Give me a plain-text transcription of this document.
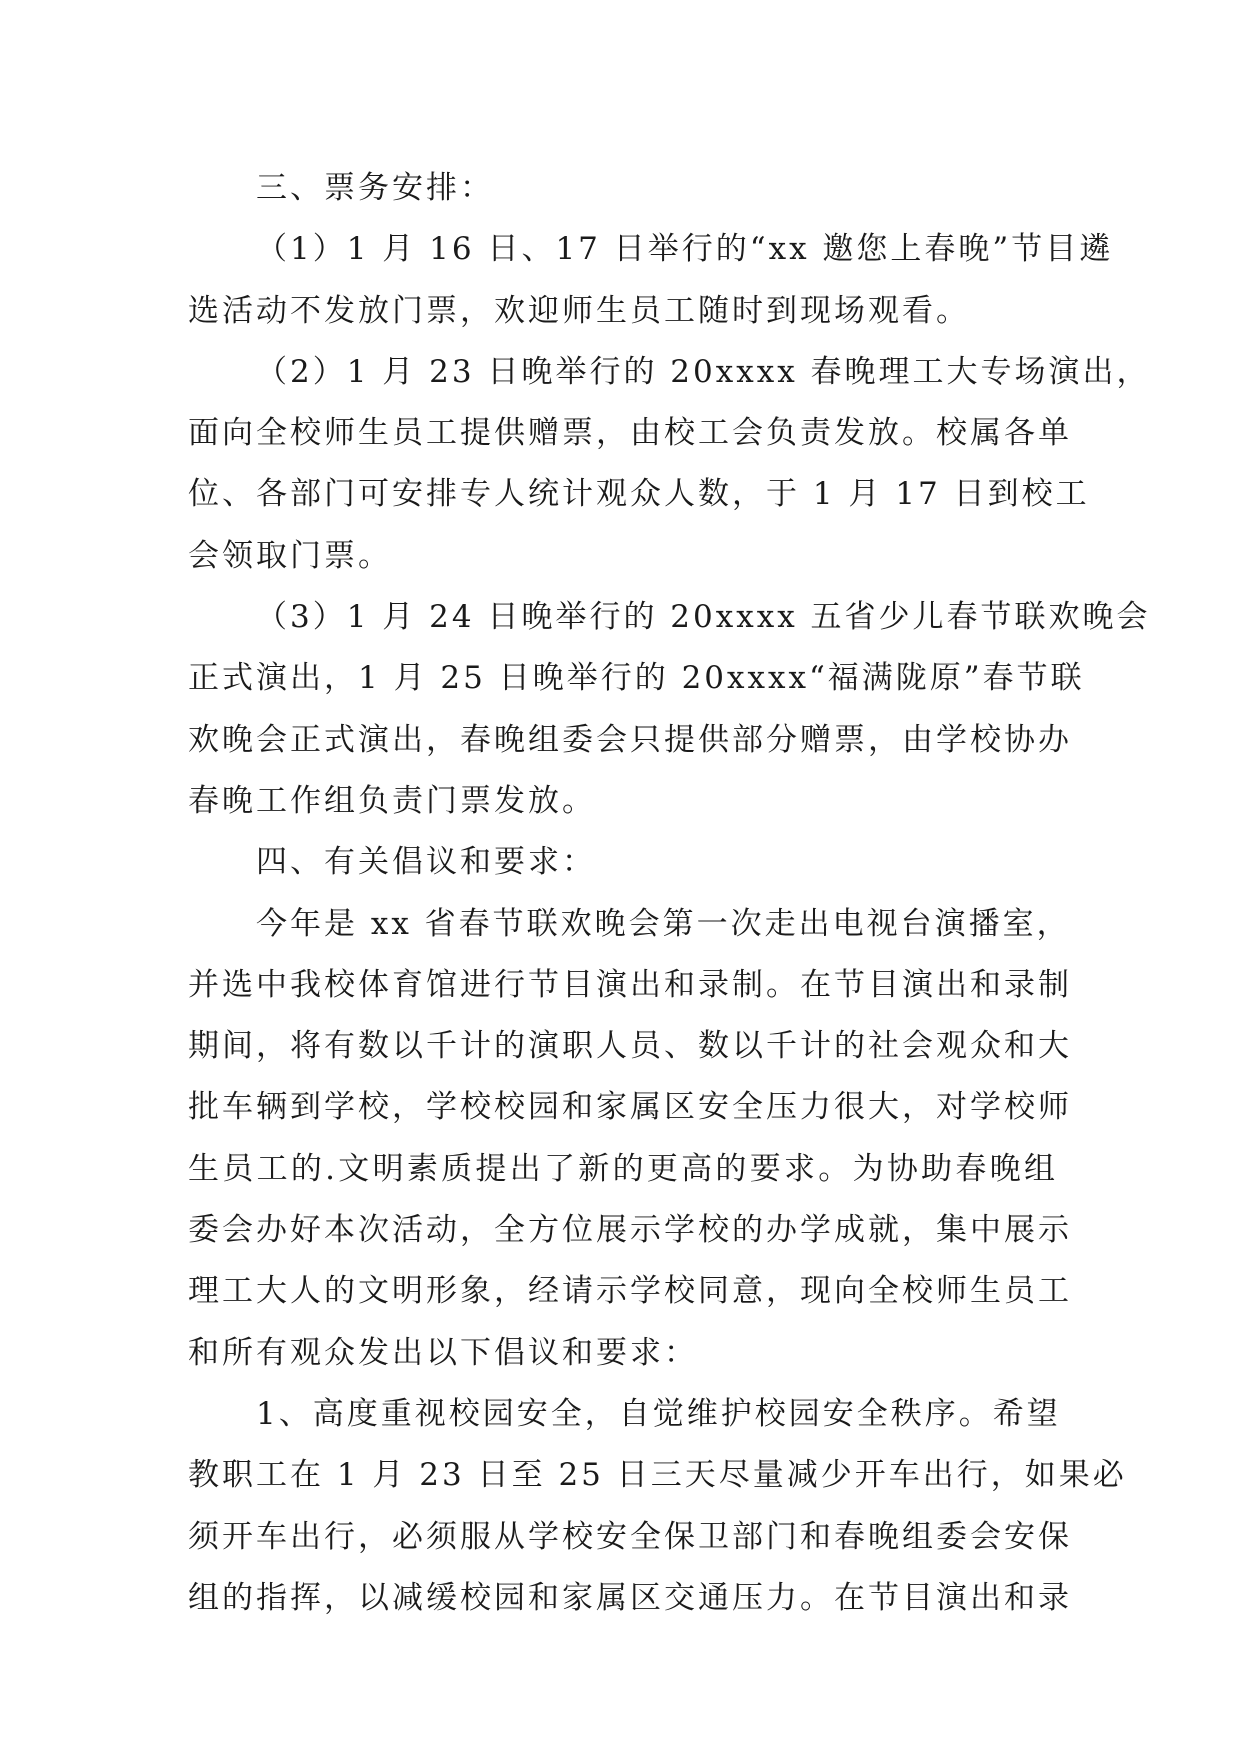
三、票务安排：
（1）1 月 16 日、17 日举行的“xx 邀您上春晚”节目遴
选活动不发放门票，欢迎师生员工随时到现场观看。
（2）1 月 23 日晚举行的 20xxxx 春晚理工大专场演出，
面向全校师生员工提供赠票，由校工会负责发放。校属各单
位、各部门可安排专人统计观众人数，于 1 月 17 日到校工
会领取门票。
（3）1 月 24 日晚举行的 20xxxx 五省少儿春节联欢晚会
正式演出，1 月 25 日晚举行的 20xxxx“福满陇原”春节联
欢晚会正式演出，春晚组委会只提供部分赠票，由学校协办
春晚工作组负责门票发放。
四、有关倡议和要求：
今年是 xx 省春节联欢晚会第一次走出电视台演播室，
并选中我校体育馆进行节目演出和录制。在节目演出和录制
期间，将有数以千计的演职人员、数以千计的社会观众和大
批车辆到学校，学校校园和家属区安全压力很大，对学校师
生员工的.文明素质提出了新的更高的要求。为协助春晚组
委会办好本次活动，全方位展示学校的办学成就，集中展示
理工大人的文明形象，经请示学校同意，现向全校师生员工
和所有观众发出以下倡议和要求：
1、高度重视校园安全，自觉维护校园安全秩序。希望
教职工在 1 月 23 日至 25 日三天尽量减少开车出行，如果必
须开车出行，必须服从学校安全保卫部门和春晚组委会安保
组的指挥，以减缓校园和家属区交通压力。在节目演出和录
